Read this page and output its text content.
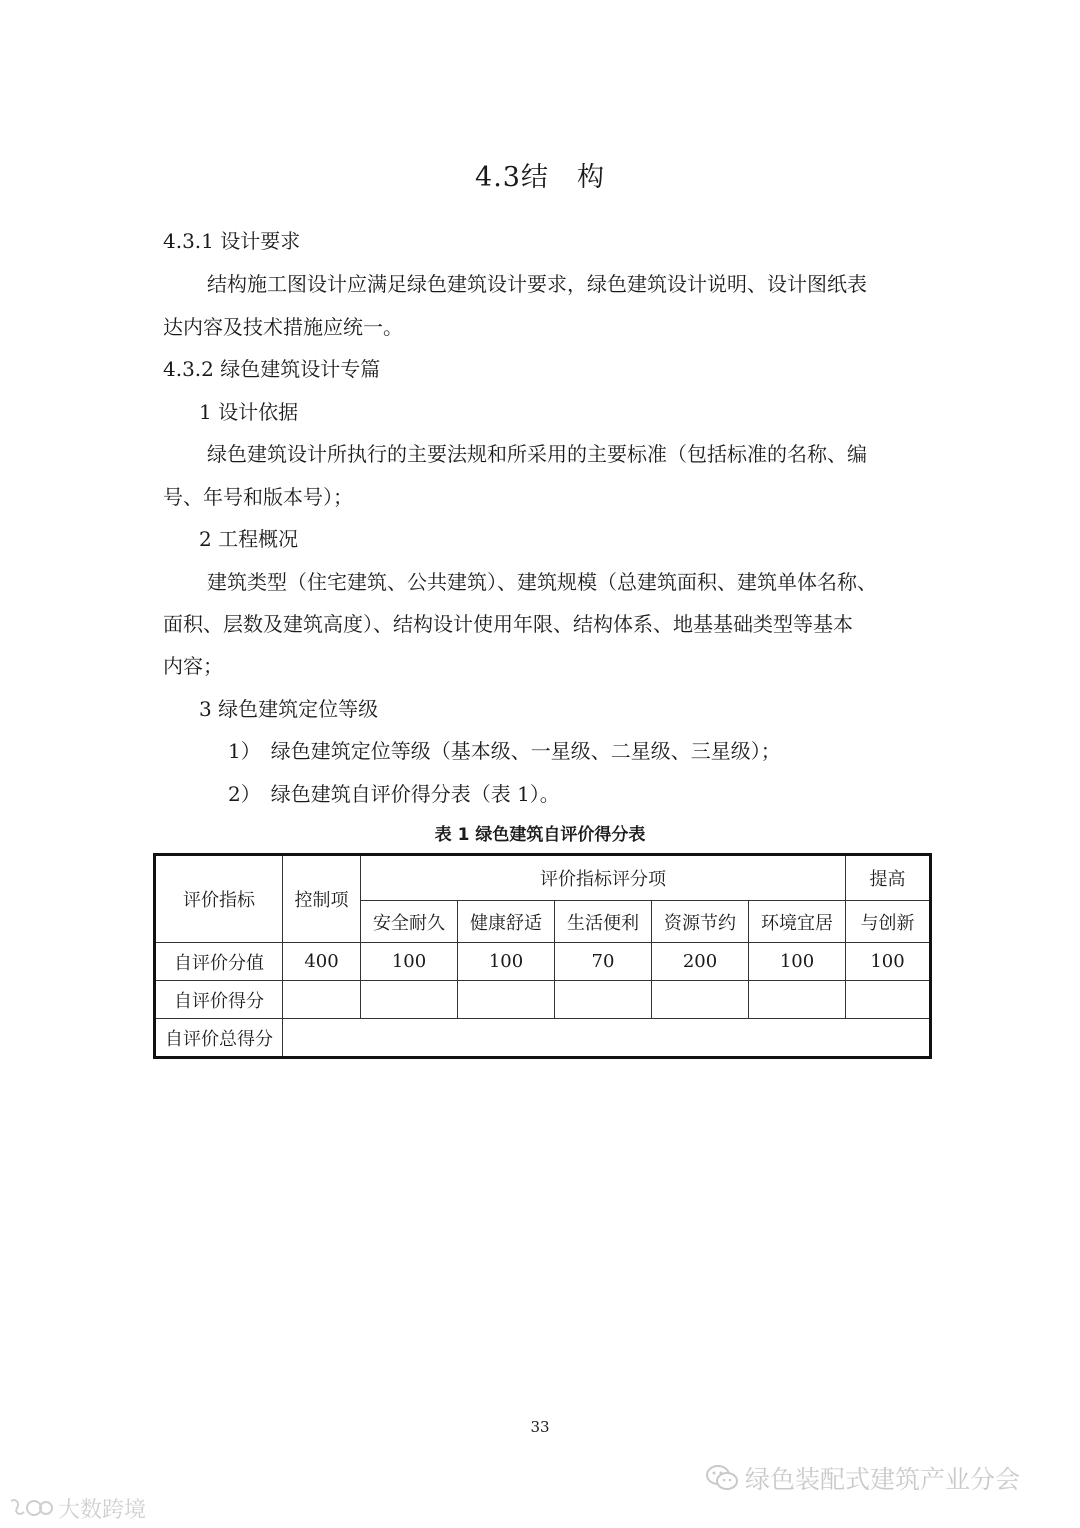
4.3结　构
4.3.1 设计要求
结构施工图设计应满足绿色建筑设计要求，绿色建筑设计说明、设计图纸表
达内容及技术措施应统一。
4.3.2 绿色建筑设计专篇
1 设计依据
绿色建筑设计所执行的主要法规和所采用的主要标准（包括标准的名称、编
号、年号和版本号）；
2 工程概况
建筑类型（住宅建筑、公共建筑）、建筑规模（总建筑面积、建筑单体名称、
面积、层数及建筑高度）、结构设计使用年限、结构体系、地基基础类型等基本
内容；
3 绿色建筑定位等级
1）　绿色建筑定位等级（基本级、一星级、二星级、三星级）；
2）　绿色建筑自评价得分表（表 1）。
表 1 绿色建筑自评价得分表
评价指标	控制项	评价指标评分项					提高
		安全耐久	健康舒适	生活便利	资源节约	环境宜居	与创新
自评价分值	400	100	100	70	200	100	100
自评价得分							
自评价总得分							
33
绿色装配式建筑产业分会
大数跨境
